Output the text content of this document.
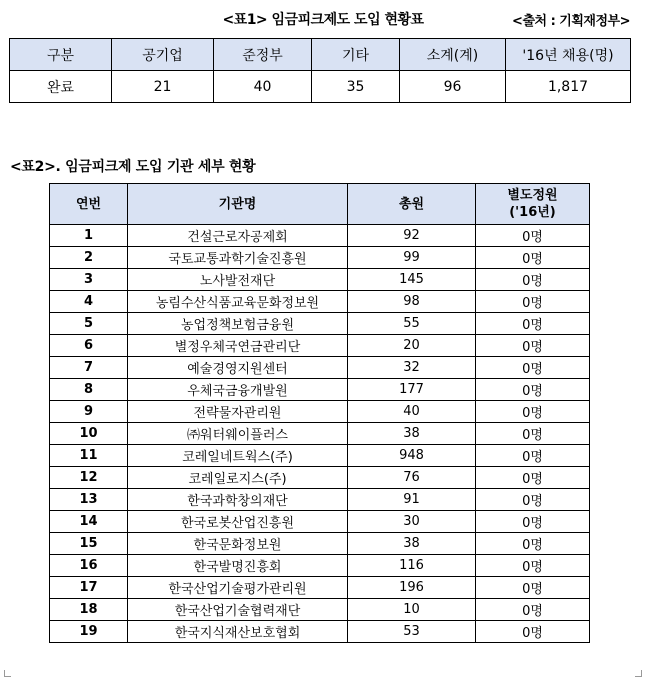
<표1> 임금피크제도 도입 현황표	<출처 : 기획재정부>
구분	공기업	준정부	기타	소계(계)	'16년 채용(명)
완료	21	40	35	96	1,817
<표2>. 임금피크제 도입 기관 세부 현황
연번	기관명	총원	별도정원
('16년)
1	건설근로자공제회	92	0명
2	국토교통과학기술진흥원	99	0명
3	노사발전재단	145	0명
4	농림수산식품교육문화정보원	98	0명
5	농업정책보험금융원	55	0명
6	별정우체국연금관리단	20	0명
7	예술경영지원센터	32	0명
8	우체국금융개발원	177	0명
9	전략물자관리원	40	0명
10	㈜워터웨이플러스	38	0명
11	코레일네트웍스(주)	948	0명
12	코레일로지스(주)	76	0명
13	한국과학창의재단	91	0명
14	한국로봇산업진흥원	30	0명
15	한국문화정보원	38	0명
16	한국발명진흥회	116	0명
17	한국산업기술평가관리원	196	0명
18	한국산업기술협력재단	10	0명
19	한국지식재산보호협회	53	0명
